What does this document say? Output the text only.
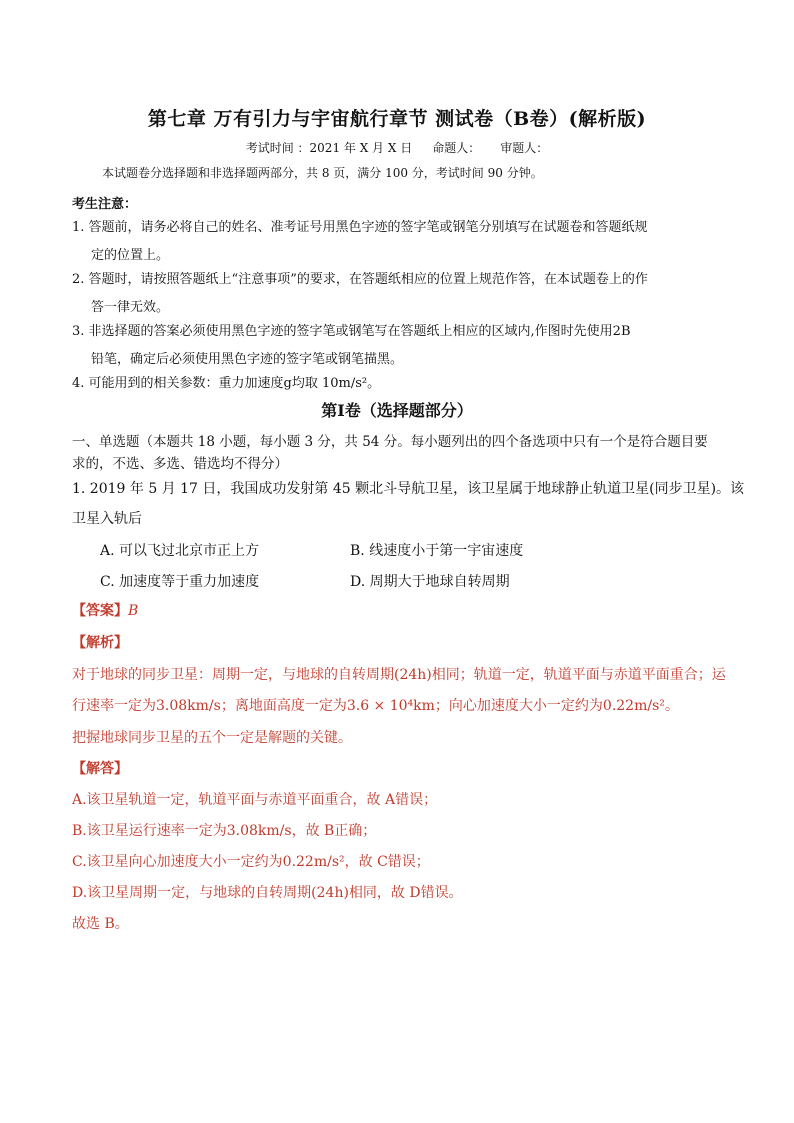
第七章 万有引力与宇宙航行章节 测试卷（B卷）(解析版)
考试时间 ：2021 年 X 月 X 日 命题人： 审题人：
本试题卷分选择题和非选择题两部分，共 8 页，满分 100 分，考试时间 90 分钟。
考生注意：
1. 答题前，请务必将自己的姓名、准考证号用黑色字迹的签字笔或钢笔分别填写在试题卷和答题纸规
定的位置上。
2. 答题时，请按照答题纸上“注意事项”的要求，在答题纸相应的位置上规范作答，在本试题卷上的作
答一律无效。
3. 非选择题的答案必须使用黑色字迹的签字笔或钢笔写在答题纸上相应的区域内,作图时先使用2B
铅笔，确定后必须使用黑色字迹的签字笔或钢笔描黑。
4. 可能用到的相关参数：重力加速度g均取 10m/s²。
第Ⅰ卷（选择题部分）
一、单选题（本题共 18 小题，每小题 3 分，共 54 分。每小题列出的四个备选项中只有一个是符合题目要
求的，不选、多选、错选均不得分）
1. 2019 年 5 月 17 日，我国成功发射第 45 颗北斗导航卫星，该卫星属于地球静止轨道卫星(同步卫星)。该
卫星入轨后
A. 可以飞过北京市正上方	B. 线速度小于第一宇宙速度
C. 加速度等于重力加速度	D. 周期大于地球自转周期
【答案】B
【解析】
对于地球的同步卫星：周期一定，与地球的自转周期(24h)相同；轨道一定，轨道平面与赤道平面重合；运
行速率一定为3.08km/s；离地面高度一定为3.6 × 10⁴km；向心加速度大小一定约为0.22m/s²。
把握地球同步卫星的五个一定是解题的关键。
【解答】
A.该卫星轨道一定，轨道平面与赤道平面重合，故 A错误；
B.该卫星运行速率一定为3.08km/s，故 B正确；
C.该卫星向心加速度大小一定约为0.22m/s²，故 C错误；
D.该卫星周期一定，与地球的自转周期(24h)相同，故 D错误。
故选 B。
